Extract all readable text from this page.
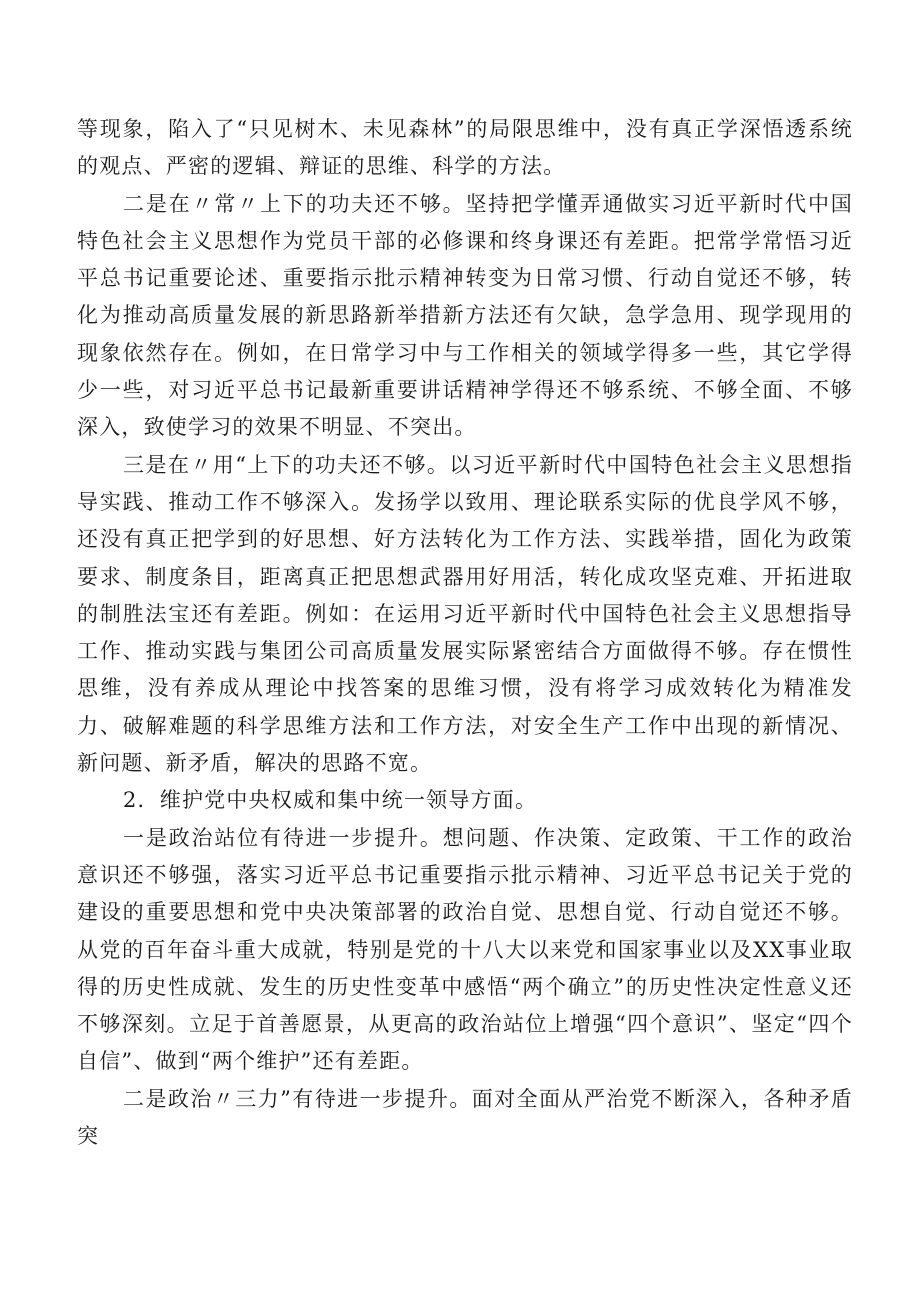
等现象，陷入了“只见树木、未见森林”的局限思维中，没有真正学深悟透系统的观点、严密的逻辑、辩证的思维、科学的方法。

二是在〃常〃上下的功夫还不够。坚持把学懂弄通做实习近平新时代中国特色社会主义思想作为党员干部的必修课和终身课还有差距。把常学常悟习近平总书记重要论述、重要指示批示精神转变为日常习惯、行动自觉还不够，转化为推动高质量发展的新思路新举措新方法还有欠缺，急学急用、现学现用的现象依然存在。例如，在日常学习中与工作相关的领域学得多一些，其它学得少一些，对习近平总书记最新重要讲话精神学得还不够系统、不够全面、不够深入，致使学习的效果不明显、不突出。

三是在〃用“上下的功夫还不够。以习近平新时代中国特色社会主义思想指导实践、推动工作不够深入。发扬学以致用、理论联系实际的优良学风不够，还没有真正把学到的好思想、好方法转化为工作方法、实践举措，固化为政策要求、制度条目，距离真正把思想武器用好用活，转化成攻坚克难、开拓进取的制胜法宝还有差距。例如：在运用习近平新时代中国特色社会主义思想指导工作、推动实践与集团公司高质量发展实际紧密结合方面做得不够。存在惯性思维，没有养成从理论中找答案的思维习惯，没有将学习成效转化为精准发力、破解难题的科学思维方法和工作方法，对安全生产工作中出现的新情况、新问题、新矛盾，解决的思路不宽。

2．维护党中央权威和集中统一领导方面。

一是政治站位有待进一步提升。想问题、作决策、定政策、干工作的政治意识还不够强，落实习近平总书记重要指示批示精神、习近平总书记关于党的建设的重要思想和党中央决策部署的政治自觉、思想自觉、行动自觉还不够。从党的百年奋斗重大成就，特别是党的十八大以来党和国家事业以及XX事业取得的历史性成就、发生的历史性变革中感悟“两个确立”的历史性决定性意义还不够深刻。立足于首善愿景，从更高的政治站位上增强“四个意识”、坚定“四个自信”、做到“两个维护”还有差距。

二是政治〃三力”有待进一步提升。面对全面从严治党不断深入，各种矛盾突
